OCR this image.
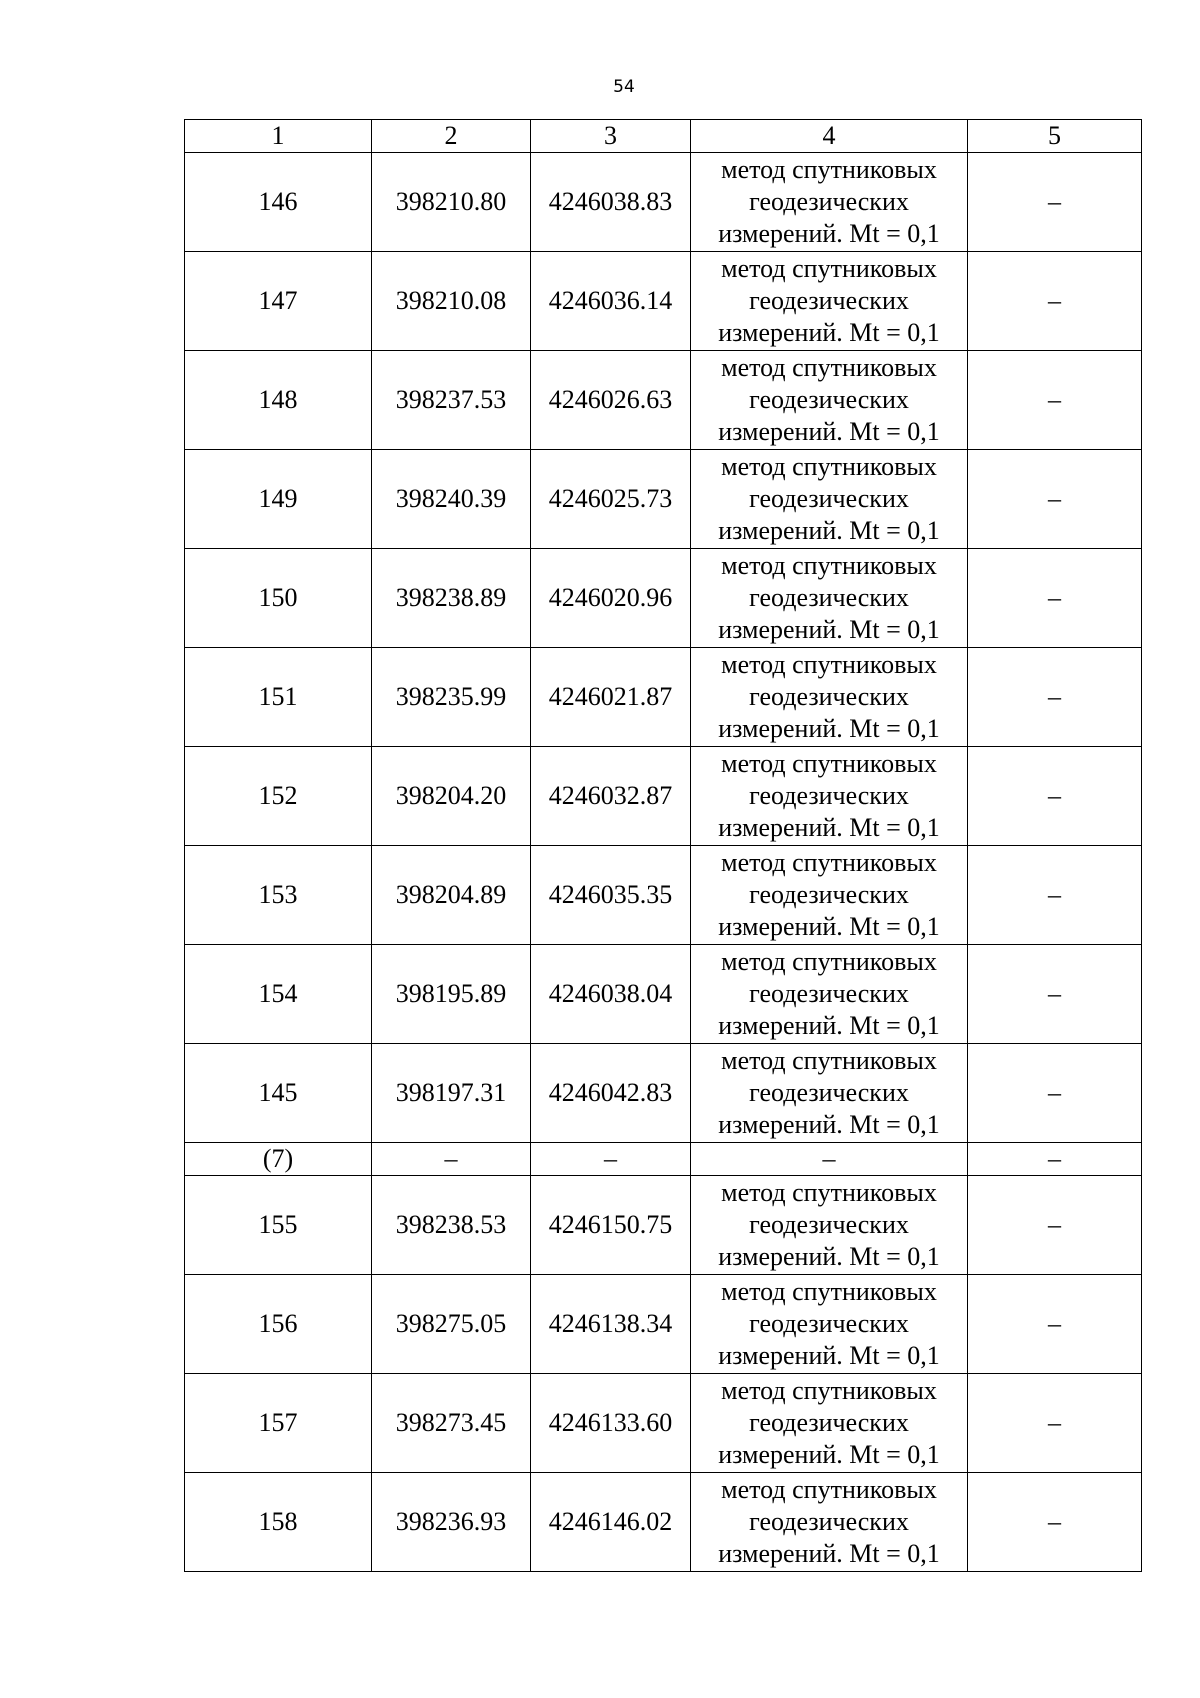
54
1	2	3	4	5
146	398210.80	4246038.83	метод спутниковых
геодезических
измерений. Mt = 0,1	–
147	398210.08	4246036.14	метод спутниковых
геодезических
измерений. Mt = 0,1	–
148	398237.53	4246026.63	метод спутниковых
геодезических
измерений. Mt = 0,1	–
149	398240.39	4246025.73	метод спутниковых
геодезических
измерений. Mt = 0,1	–
150	398238.89	4246020.96	метод спутниковых
геодезических
измерений. Mt = 0,1	–
151	398235.99	4246021.87	метод спутниковых
геодезических
измерений. Mt = 0,1	–
152	398204.20	4246032.87	метод спутниковых
геодезических
измерений. Mt = 0,1	–
153	398204.89	4246035.35	метод спутниковых
геодезических
измерений. Mt = 0,1	–
154	398195.89	4246038.04	метод спутниковых
геодезических
измерений. Mt = 0,1	–
145	398197.31	4246042.83	метод спутниковых
геодезических
измерений. Mt = 0,1	–
(7)	–	–	–	–
155	398238.53	4246150.75	метод спутниковых
геодезических
измерений. Mt = 0,1	–
156	398275.05	4246138.34	метод спутниковых
геодезических
измерений. Mt = 0,1	–
157	398273.45	4246133.60	метод спутниковых
геодезических
измерений. Mt = 0,1	–
158	398236.93	4246146.02	метод спутниковых
геодезических
измерений. Mt = 0,1	–
